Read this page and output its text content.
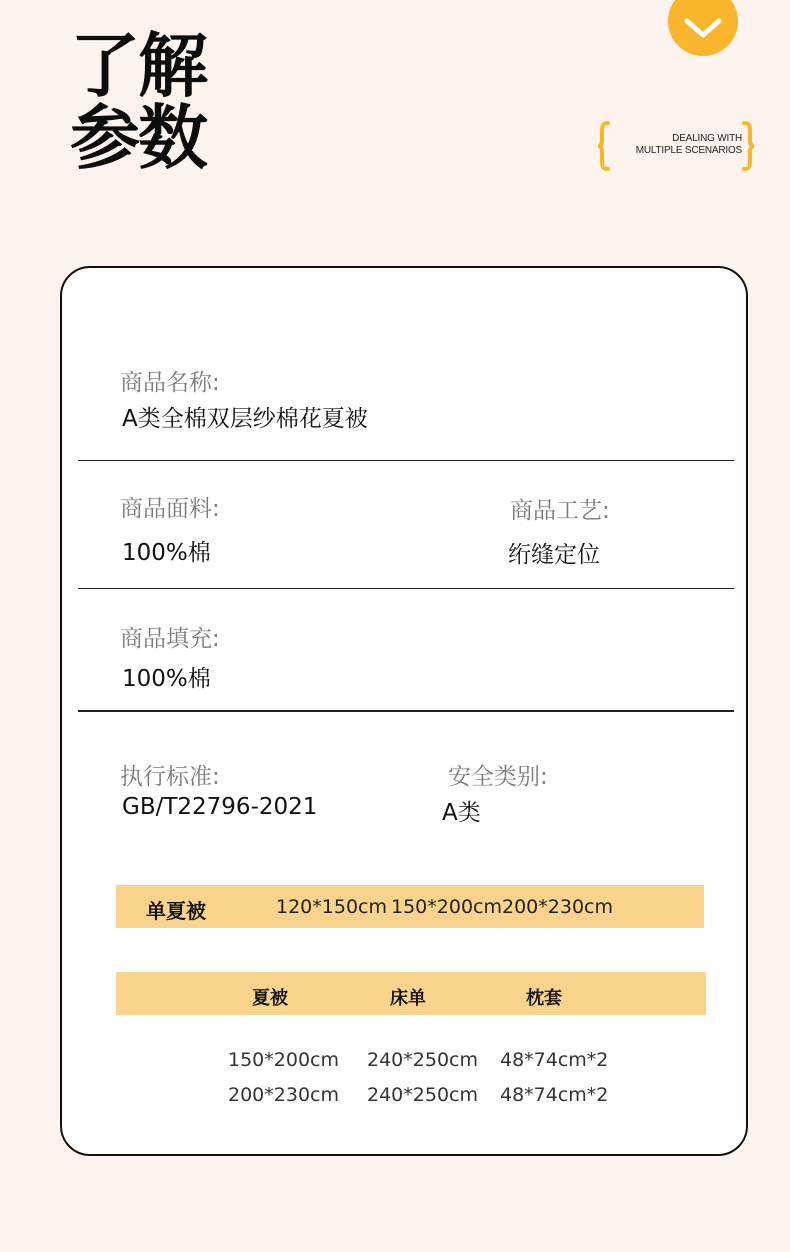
了解
参数	DEALING WITH
MULTIPLE SCENARIOS
商品名称:
A类全棉双层纱棉花夏被
商品面料:
100%棉
商品工艺:
绗缝定位
商品填充:
100%棉
执行标准:
GB/T22796-2021
安全类别:
A类
单夏被	120*150cm 150*200cm 200*230cm
夏被	床单	枕套
150*200cm 240*250cm 48*74cm*2
200*230cm 240*250cm 48*74cm*2
